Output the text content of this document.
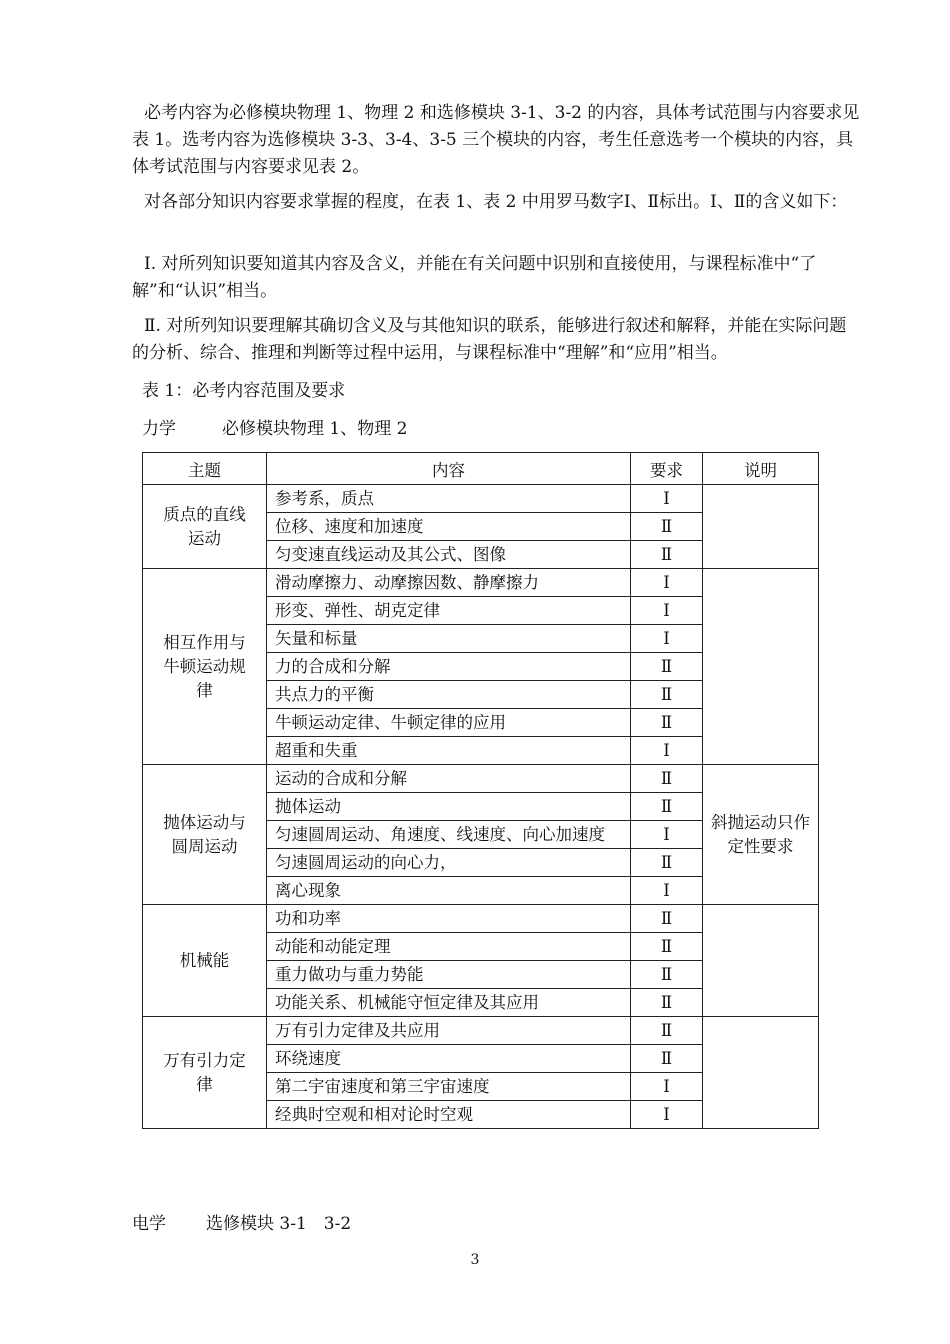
必考内容为必修模块物理 1、物理 2 和选修模块 3-1、3-2 的内容，具体考试范围与内容要求见表 1。选考内容为选修模块 3-3、3-4、3-5 三个模块的内容，考生任意选考一个模块的内容，具体考试范围与内容要求见表 2。

对各部分知识内容要求掌握的程度，在表 1、表 2 中用罗马数字Ⅰ、Ⅱ标出。Ⅰ、Ⅱ的含义如下：

Ⅰ. 对所列知识要知道其内容及含义，并能在有关问题中识别和直接使用，与课程标准中“了解”和“认识”相当。

Ⅱ. 对所列知识要理解其确切含义及与其他知识的联系，能够进行叙述和解释，并能在实际问题的分析、综合、推理和判断等过程中运用，与课程标准中“理解”和“应用”相当。

表 1：必考内容范围及要求
力学	必修模块物理 1、物理 2
主题	内容	要求	说明
质点的直线运动	参考系，质点	Ⅰ	
	位移、速度和加速度	Ⅱ	
	匀变速直线运动及其公式、图像	Ⅱ	
相互作用与牛顿运动规律	滑动摩擦力、动摩擦因数、静摩擦力	Ⅰ	
	形变、弹性、胡克定律	Ⅰ	
	矢量和标量	Ⅰ	
	力的合成和分解	Ⅱ	
	共点力的平衡	Ⅱ	
	牛顿运动定律、牛顿定律的应用	Ⅱ	
	超重和失重	Ⅰ	
抛体运动与圆周运动	运动的合成和分解	Ⅱ	斜抛运动只作定性要求
	抛体运动	Ⅱ	
	匀速圆周运动、角速度、线速度、向心加速度	Ⅰ	
	匀速圆周运动的向心力，	Ⅱ	
	离心现象	Ⅰ	
机械能	功和功率	Ⅱ	
	动能和动能定理	Ⅱ	
	重力做功与重力势能	Ⅱ	
	功能关系、机械能守恒定律及其应用	Ⅱ	
万有引力定律	万有引力定律及共应用	Ⅱ	
	环绕速度	Ⅱ	
	第二宇宙速度和第三宇宙速度	Ⅰ	
	经典时空观和相对论时空观	Ⅰ	
电学 选修模块 3-1　3-2
3
